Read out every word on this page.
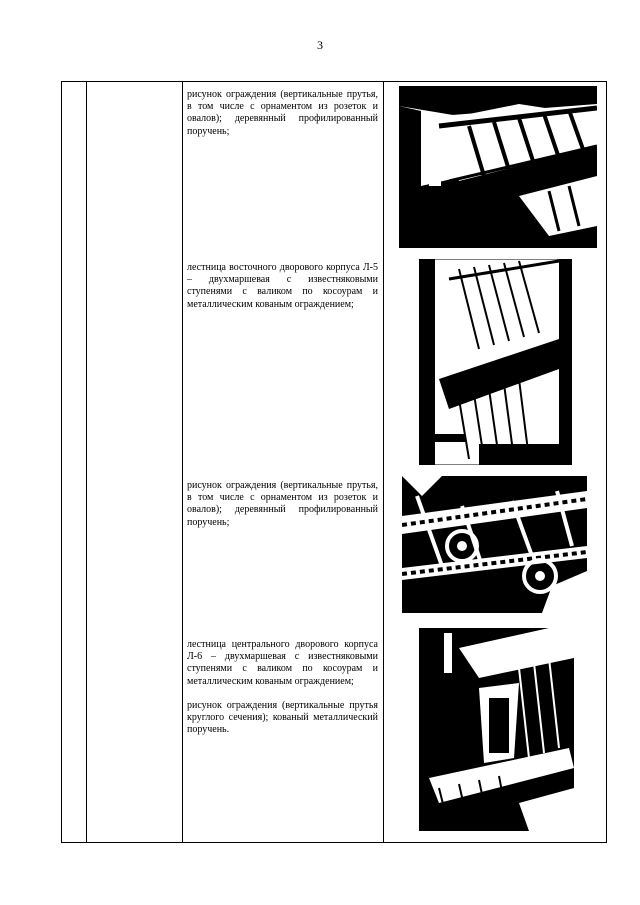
3

рисунок ограждения (вертикальные прутья, в том числе с орнаментом из розеток и овалов); деревянный профилированный поручень;

лестница восточного дворового корпуса Л-5 – двухмаршевая с известняковыми ступенями с валиком по косоурам и металлическим кованым ограждением;

рисунок ограждения (вертикальные прутья, в том числе с орнаментом из розеток и овалов); деревянный профилированный поручень;

лестница центрального дворового корпуса Л-6 – двухмаршевая с известняковыми ступенями с валиком по косоурам и металлическим кованым ограждением;

рисунок ограждения (вертикальные прутья круглого сечения); кованый металлический поручень.
